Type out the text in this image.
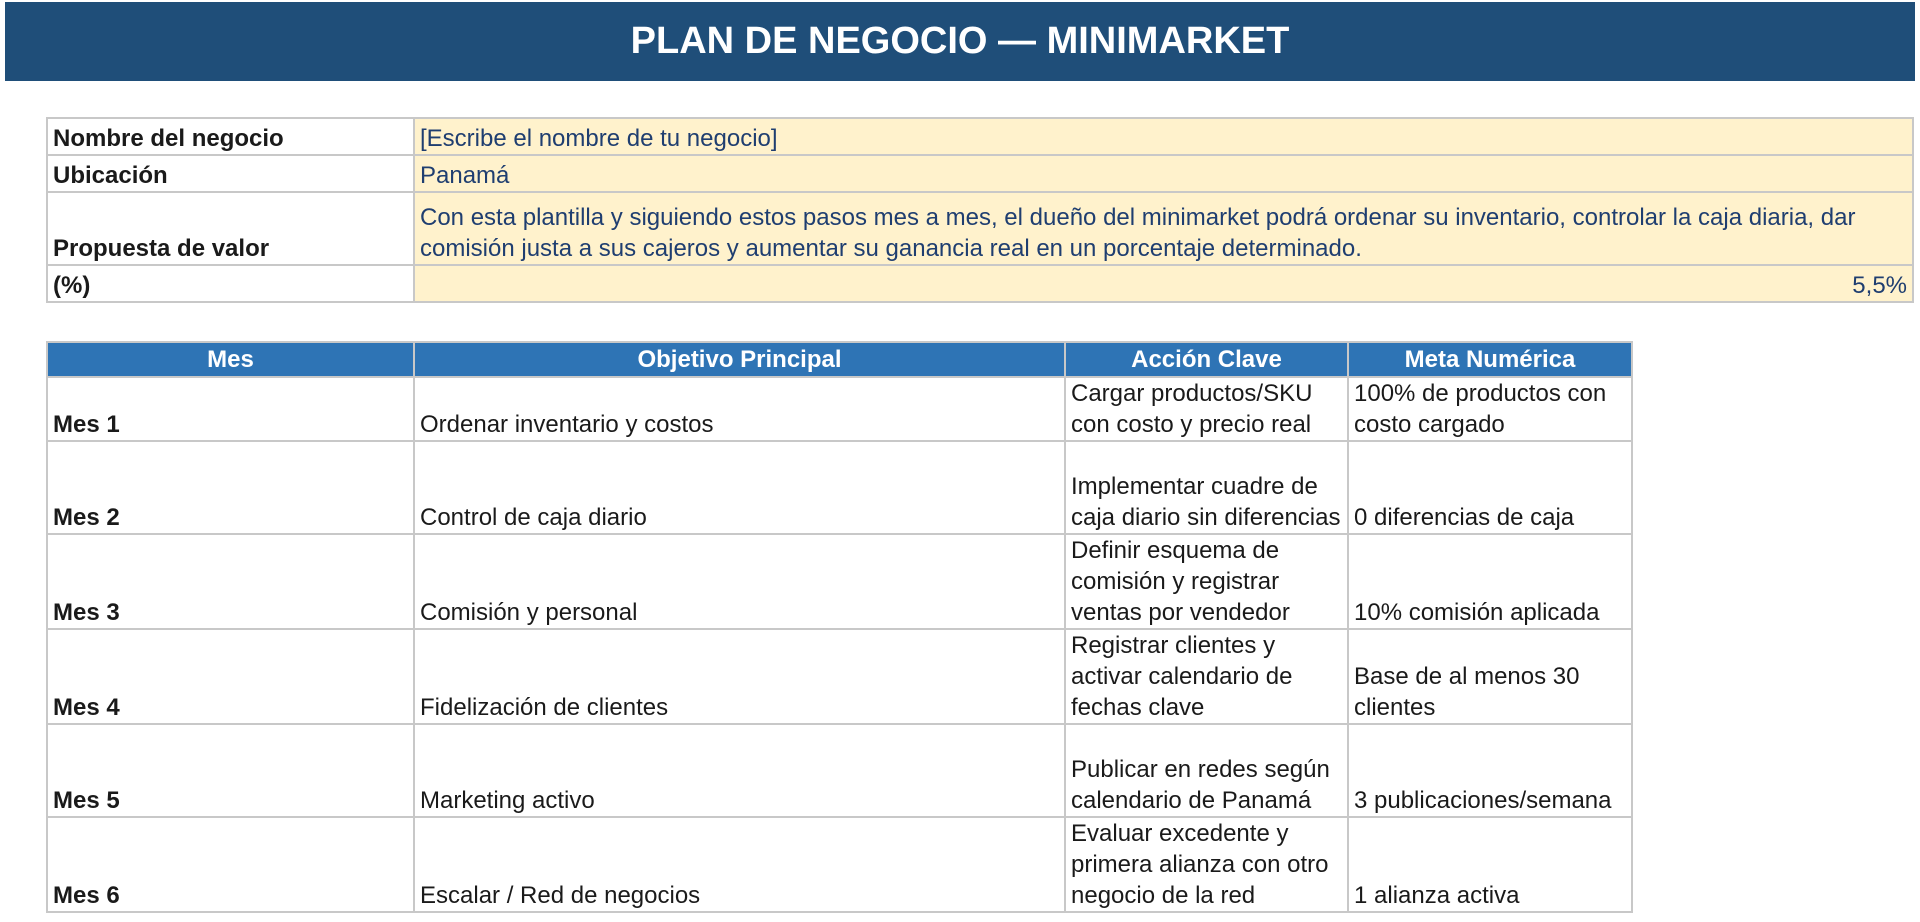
PLAN DE NEGOCIO — MINIMARKET
Nombre del negocio	[Escribe el nombre de tu negocio]
Ubicación	Panamá
Propuesta de valor	Con esta plantilla y siguiendo estos pasos mes a mes, el dueño del minimarket podrá ordenar su inventario, controlar la caja diaria, dar comisión justa a sus cajeros y aumentar su ganancia real en un porcentaje determinado.
(%)	5,5%
Mes	Objetivo Principal	Acción Clave	Meta Numérica
Mes 1	Ordenar inventario y costos	Cargar productos/SKU con costo y precio real	100% de productos con costo cargado
Mes 2	Control de caja diario	Implementar cuadre de caja diario sin diferencias	0 diferencias de caja
Mes 3	Comisión y personal	Definir esquema de comisión y registrar ventas por vendedor	10% comisión aplicada
Mes 4	Fidelización de clientes	Registrar clientes y activar calendario de fechas clave	Base de al menos 30 clientes
Mes 5	Marketing activo	Publicar en redes según calendario de Panamá	3 publicaciones/semana
Mes 6	Escalar / Red de negocios	Evaluar excedente y primera alianza con otro negocio de la red	1 alianza activa
